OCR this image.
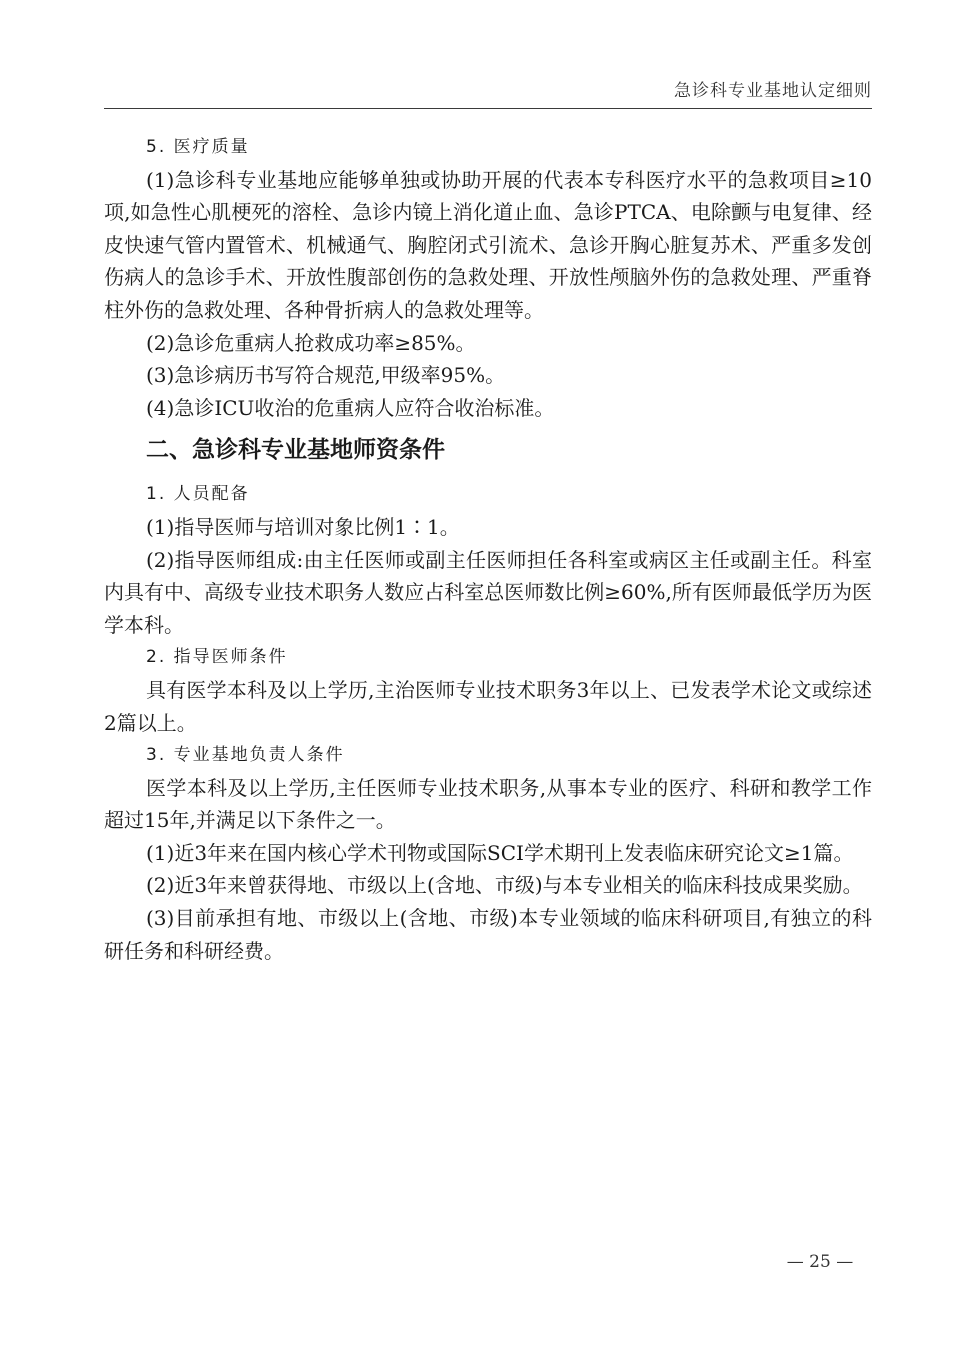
急诊科专业基地认定细则

5. 医疗质量

(1)急诊科专业基地应能够单独或协助开展的代表本专科医疗水平的急救项目≥10项,如急性心肌梗死的溶栓、急诊内镜上消化道止血、急诊PTCA、电除颤与电复律、经皮快速气管内置管术、机械通气、胸腔闭式引流术、急诊开胸心脏复苏术、严重多发创伤病人的急诊手术、开放性腹部创伤的急救处理、开放性颅脑外伤的急救处理、严重脊柱外伤的急救处理、各种骨折病人的急救处理等。

(2)急诊危重病人抢救成功率≥85%。

(3)急诊病历书写符合规范,甲级率95%。

(4)急诊ICU收治的危重病人应符合收治标准。

二、急诊科专业基地师资条件

1. 人员配备

(1)指导医师与培训对象比例1∶1。

(2)指导医师组成:由主任医师或副主任医师担任各科室或病区主任或副主任。科室内具有中、高级专业技术职务人数应占科室总医师数比例≥60%,所有医师最低学历为医学本科。

2. 指导医师条件

具有医学本科及以上学历,主治医师专业技术职务3年以上、已发表学术论文或综述2篇以上。

3. 专业基地负责人条件

医学本科及以上学历,主任医师专业技术职务,从事本专业的医疗、科研和教学工作超过15年,并满足以下条件之一。

(1)近3年来在国内核心学术刊物或国际SCI学术期刊上发表临床研究论文≥1篇。

(2)近3年来曾获得地、市级以上(含地、市级)与本专业相关的临床科技成果奖励。

(3)目前承担有地、市级以上(含地、市级)本专业领域的临床科研项目,有独立的科研任务和科研经费。

— 25 —
